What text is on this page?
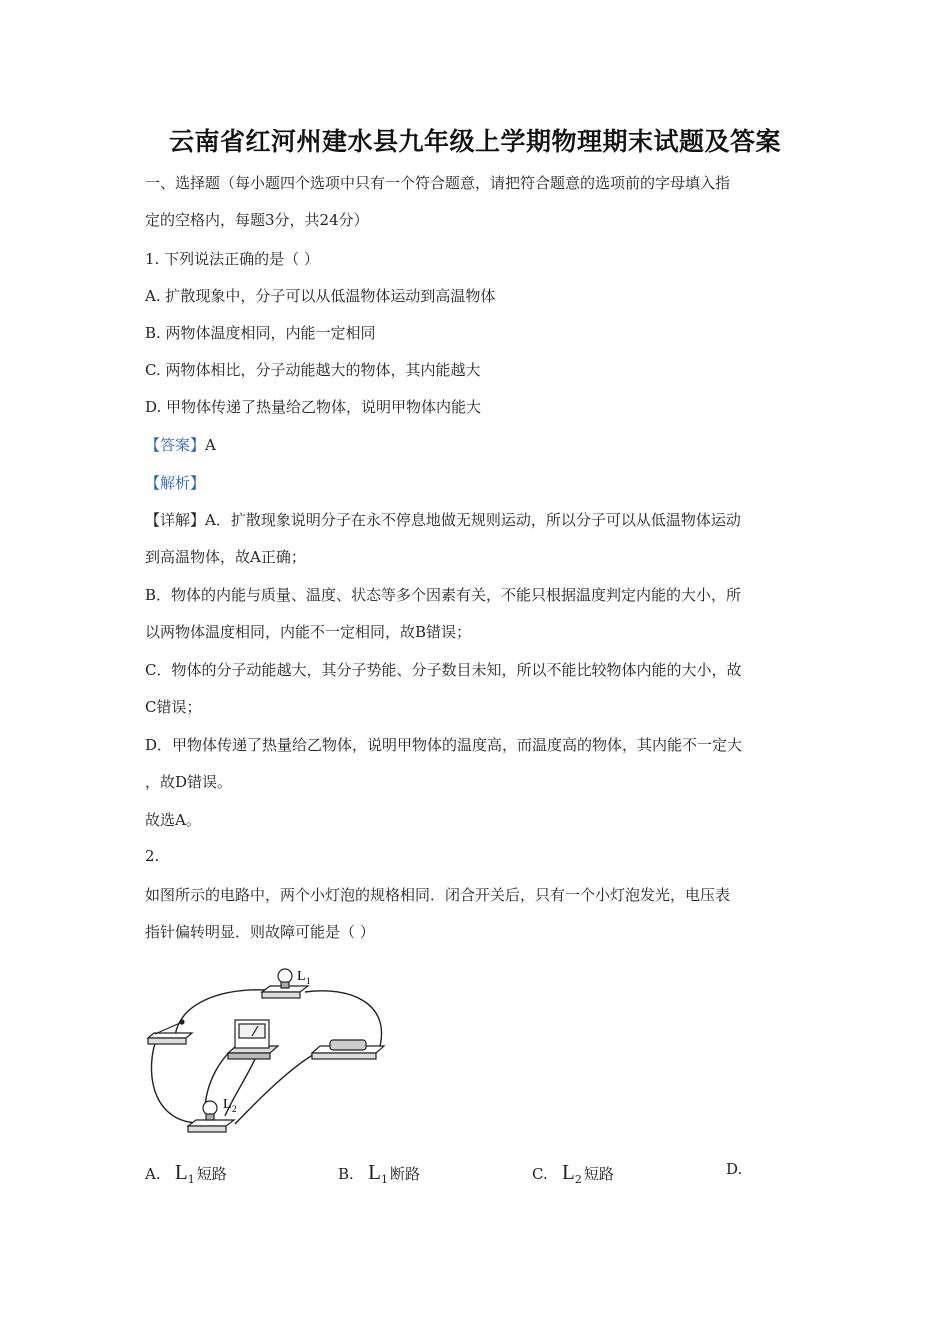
云南省红河州建水县九年级上学期物理期末试题及答案
一、选择题（每小题四个选项中只有一个符合题意，请把符合题意的选项前的字母填入指
定的空格内，每题3分，共24分）
1. 下列说法正确的是（ ）
A. 扩散现象中，分子可以从低温物体运动到高温物体
B. 两物体温度相同，内能一定相同
C. 两物体相比，分子动能越大的物体，其内能越大
D. 甲物体传递了热量给乙物体，说明甲物体内能大
【答案】A
【解析】
【详解】A．扩散现象说明分子在永不停息地做无规则运动，所以分子可以从低温物体运动
到高温物体，故A正确；
B．物体的内能与质量、温度、状态等多个因素有关，不能只根据温度判定内能的大小，所
以两物体温度相同，内能不一定相同，故B错误；
C．物体的分子动能越大，其分子势能、分子数目未知，所以不能比较物体内能的大小，故
C错误；
D．甲物体传递了热量给乙物体，说明甲物体的温度高，而温度高的物体，其内能不一定大
，故D错误。
故选A。
2.
如图所示的电路中，两个小灯泡的规格相同．闭合开关后，只有一个小灯泡发光，电压表
指针偏转明显．则故障可能是（ ）
L 1
L 2
A. $L_1$ 短路	B. $L_1$ 断路	C. $L_2$ 短路	D.
